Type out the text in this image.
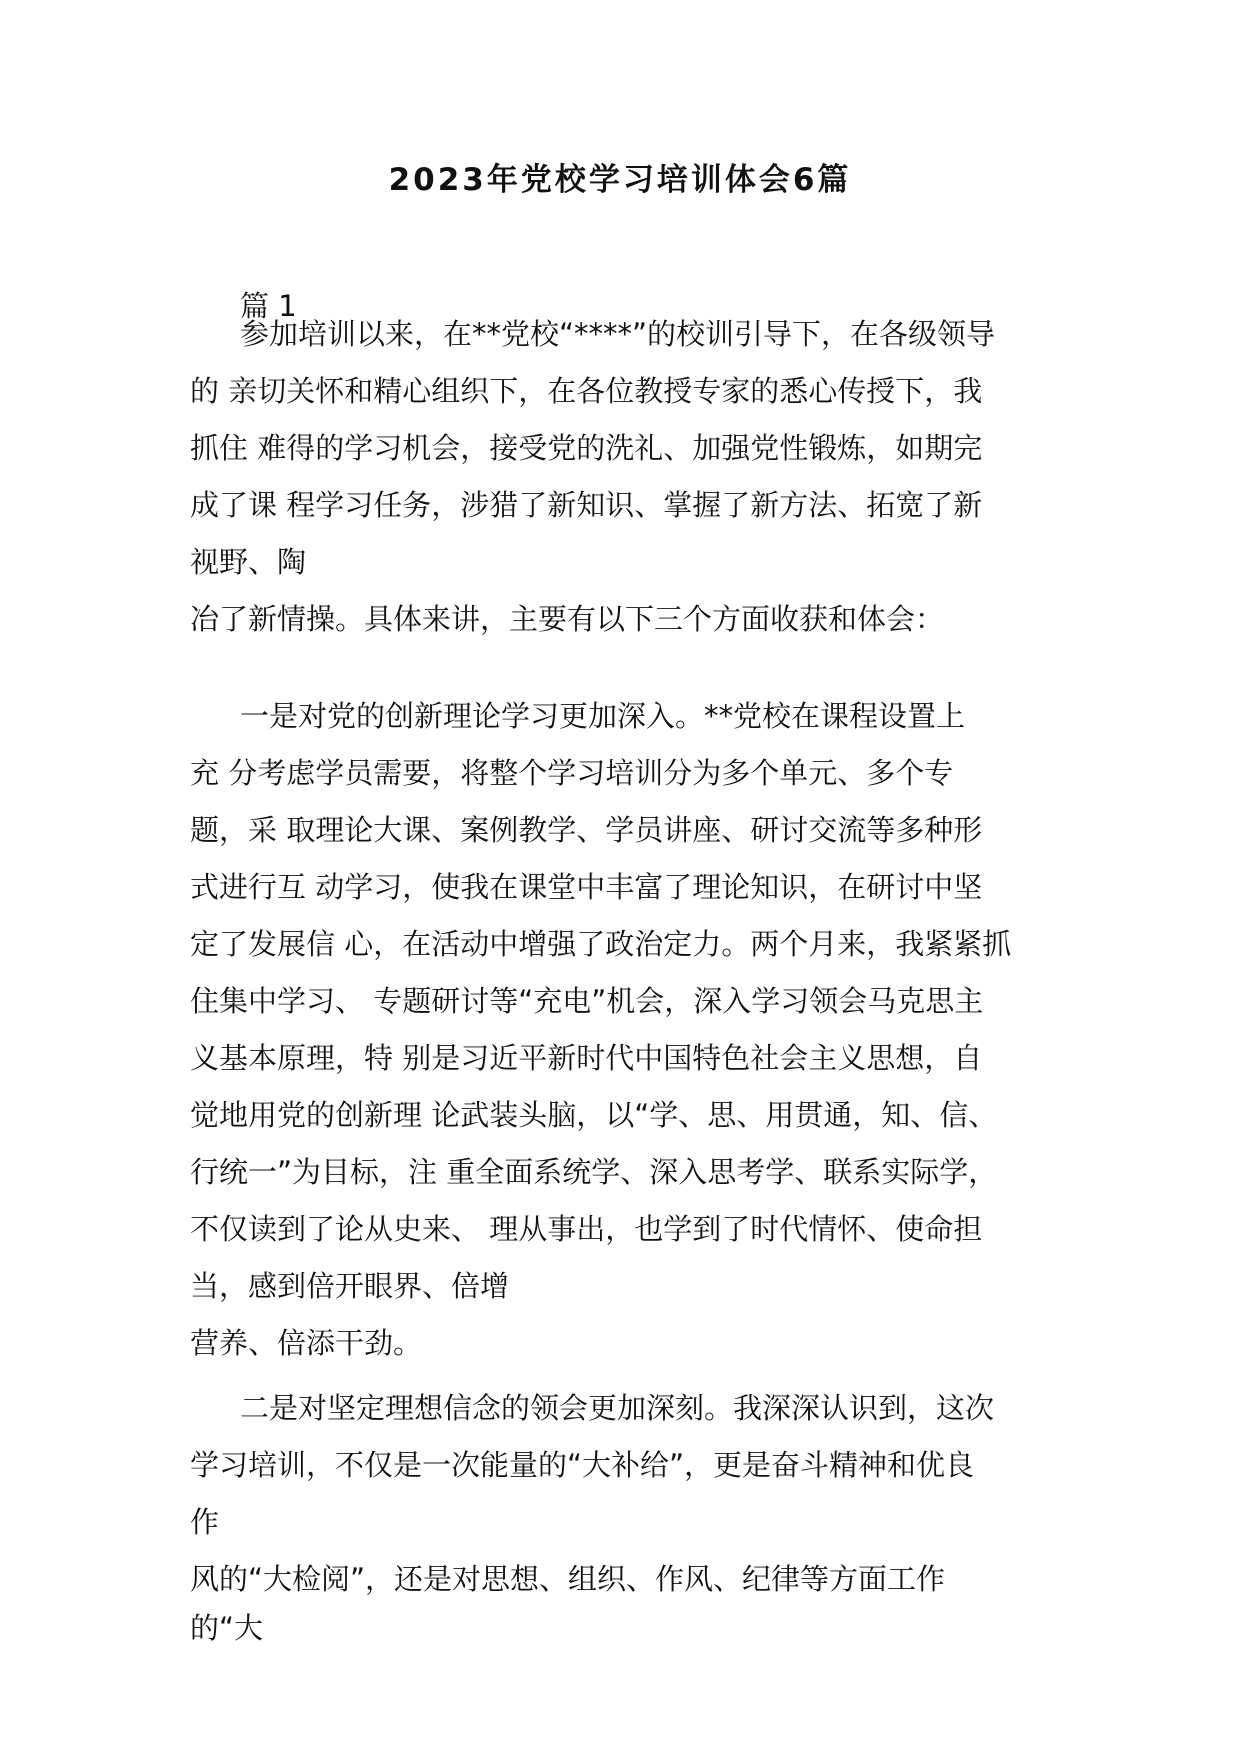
2023年党校学习培训体会6篇
篇 1
参加培训以来，在**党校“****”的校训引导下，在各级领导
的 亲切关怀和精心组织下，在各位教授专家的悉心传授下，我
抓住 难得的学习机会，接受党的洗礼、加强党性锻炼，如期完
成了课 程学习任务，涉猎了新知识、掌握了新方法、拓宽了新
视野、陶
冶了新情操。具体来讲，主要有以下三个方面收获和体会：
一是对党的创新理论学习更加深入。**党校在课程设置上
充 分考虑学员需要，将整个学习培训分为多个单元、多个专
题，采 取理论大课、案例教学、学员讲座、研讨交流等多种形
式进行互 动学习，使我在课堂中丰富了理论知识，在研讨中坚
定了发展信 心，在活动中增强了政治定力。两个月来，我紧紧抓
住集中学习、 专题研讨等“充电”机会，深入学习领会马克思主
义基本原理，特 别是习近平新时代中国特色社会主义思想，自
觉地用党的创新理 论武装头脑，以“学、思、用贯通，知、信、
行统一”为目标，注 重全面系统学、深入思考学、联系实际学，
不仅读到了论从史来、 理从事出，也学到了时代情怀、使命担
当，感到倍开眼界、倍增
营养、倍添干劲。
二是对坚定理想信念的领会更加深刻。我深深认识到，这次
学习培训，不仅是一次能量的“大补给”，更是奋斗精神和优良
作
风的“大检阅”，还是对思想、组织、作风、纪律等方面工作
的“大
